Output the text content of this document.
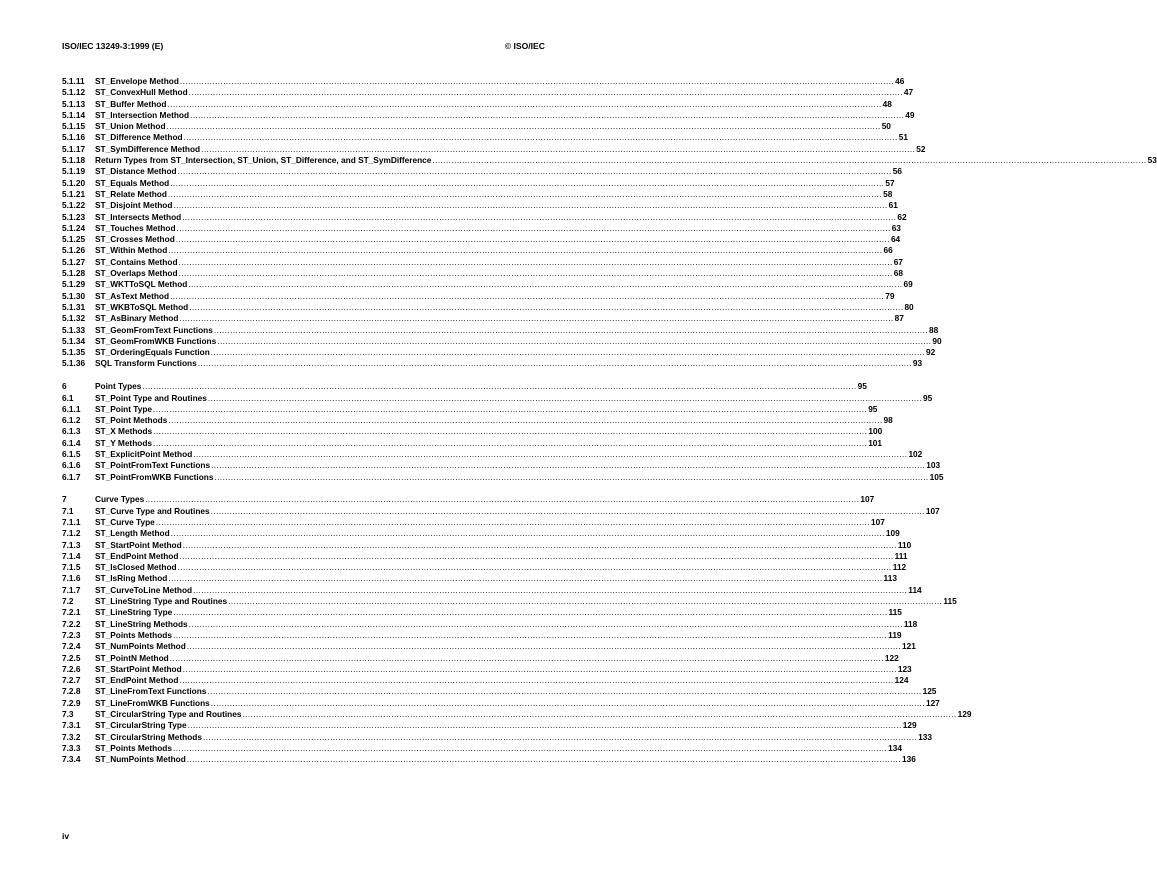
ISO/IEC 13249-3:1999 (E)	© ISO/IEC
5.1.11	ST_Envelope Method .....	46
5.1.12	ST_ConvexHull Method .....	47
5.1.13	ST_Buffer Method .....	48
5.1.14	ST_Intersection Method .....	49
5.1.15	ST_Union Method .....	50
5.1.16	ST_Difference Method .....	51
5.1.17	ST_SymDifference Method .....	52
5.1.18	Return Types from ST_Intersection, ST_Union, ST_Difference, and ST_SymDifference .....	53
5.1.19	ST_Distance Method .....	56
5.1.20	ST_Equals Method .....	57
5.1.21	ST_Relate Method .....	58
5.1.22	ST_Disjoint Method .....	61
5.1.23	ST_Intersects Method .....	62
5.1.24	ST_Touches Method .....	63
5.1.25	ST_Crosses Method .....	64
5.1.26	ST_Within Method .....	66
5.1.27	ST_Contains Method .....	67
5.1.28	ST_Overlaps Method .....	68
5.1.29	ST_WKTToSQL Method .....	69
5.1.30	ST_AsText Method .....	79
5.1.31	ST_WKBToSQL Method .....	80
5.1.32	ST_AsBinary Method .....	87
5.1.33	ST_GeomFromText Functions .....	88
5.1.34	ST_GeomFromWKB Functions .....	90
5.1.35	ST_OrderingEquals Function .....	92
5.1.36	SQL Transform Functions .....	93
6	Point Types .....	95
6.1	ST_Point Type and Routines .....	95
6.1.1	ST_Point Type .....	95
6.1.2	ST_Point Methods .....	98
6.1.3	ST_X Methods .....	100
6.1.4	ST_Y Methods .....	101
6.1.5	ST_ExplicitPoint Method .....	102
6.1.6	ST_PointFromText Functions .....	103
6.1.7	ST_PointFromWKB Functions .....	105
7	Curve Types .....	107
7.1	ST_Curve Type and Routines .....	107
7.1.1	ST_Curve Type .....	107
7.1.2	ST_Length Method .....	109
7.1.3	ST_StartPoint Method .....	110
7.1.4	ST_EndPoint Method .....	111
7.1.5	ST_IsClosed Method .....	112
7.1.6	ST_IsRing Method .....	113
7.1.7	ST_CurveToLine Method .....	114
7.2	ST_LineString Type and Routines .....	115
7.2.1	ST_LineString Type .....	115
7.2.2	ST_LineString Methods .....	118
7.2.3	ST_Points Methods .....	119
7.2.4	ST_NumPoints Method .....	121
7.2.5	ST_PointN Method .....	122
7.2.6	ST_StartPoint Method .....	123
7.2.7	ST_EndPoint Method .....	124
7.2.8	ST_LineFromText Functions .....	125
7.2.9	ST_LineFromWKB Functions .....	127
7.3	ST_CircularString Type and Routines .....	129
7.3.1	ST_CircularString Type .....	129
7.3.2	ST_CircularString Methods .....	133
7.3.3	ST_Points Methods .....	134
7.3.4	ST_NumPoints Method .....	136
iv
